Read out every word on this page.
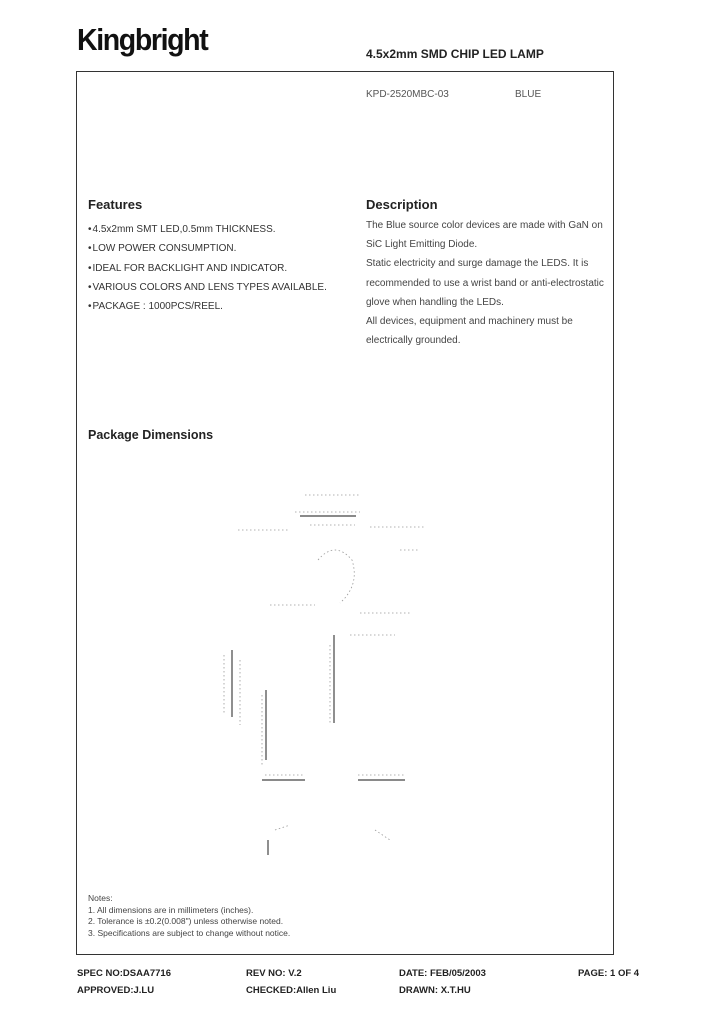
Kingbright	4.5x2mm SMD CHIP LED LAMP
KPD-2520MBC-03	BLUE
Features
• 4.5x2mm SMT LED,0.5mm THICKNESS.
• LOW POWER CONSUMPTION.
• IDEAL FOR BACKLIGHT AND INDICATOR.
• VARIOUS COLORS AND LENS TYPES AVAILABLE.
• PACKAGE : 1000PCS/REEL.
Description
The Blue source color devices are made with GaN on
SiC Light Emitting Diode.
Static electricity and surge damage the LEDS. It is
recommended to use a wrist band or anti-electrostatic
glove when handling the LEDs.
All devices, equipment and machinery must be
electrically grounded.
Package Dimensions
Notes:
1. All dimensions are in millimeters (inches).
2. Tolerance is ±0.2(0.008") unless otherwise noted.
3. Specifications are subject to change without notice.
SPEC NO:DSAA7716	REV NO: V.2	DATE: FEB/05/2003	PAGE: 1 OF 4
APPROVED:J.LU	CHECKED:Allen Liu	DRAWN: X.T.HU
